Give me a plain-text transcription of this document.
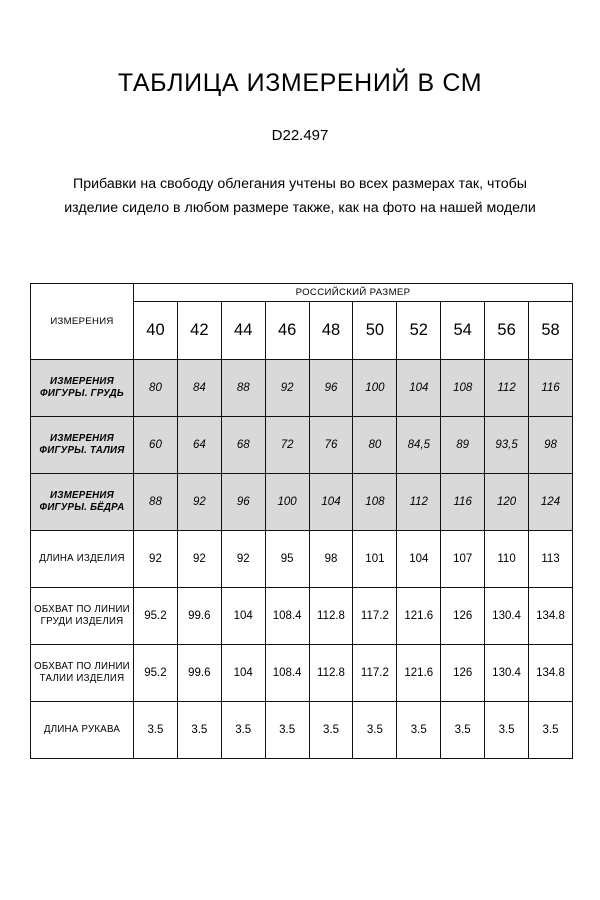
ТАБЛИЦА ИЗМЕРЕНИЙ В СМ
D22.497
Прибавки на свободу облегания учтены во всех размерах так, чтобы изделие сидело в любом размере также, как на фото на нашей модели
ИЗМЕРЕНИЯ	РОССИЙСКИЙ РАЗМЕР									
	40	42	44	46	48	50	52	54	56	58
ИЗМЕРЕНИЯ ФИГУРЫ. ГРУДЬ	80	84	88	92	96	100	104	108	112	116
ИЗМЕРЕНИЯ ФИГУРЫ. ТАЛИЯ	60	64	68	72	76	80	84,5	89	93,5	98
ИЗМЕРЕНИЯ ФИГУРЫ. БЁДРА	88	92	96	100	104	108	112	116	120	124
ДЛИНА ИЗДЕЛИЯ	92	92	92	95	98	101	104	107	110	113
ОБХВАТ ПО ЛИНИИ ГРУДИ ИЗДЕЛИЯ	95.2	99.6	104	108.4	112.8	117.2	121.6	126	130.4	134.8
ОБХВАТ ПО ЛИНИИ ТАЛИИ ИЗДЕЛИЯ	95.2	99.6	104	108.4	112.8	117.2	121.6	126	130.4	134.8
ДЛИНА РУКАВА	3.5	3.5	3.5	3.5	3.5	3.5	3.5	3.5	3.5	3.5
